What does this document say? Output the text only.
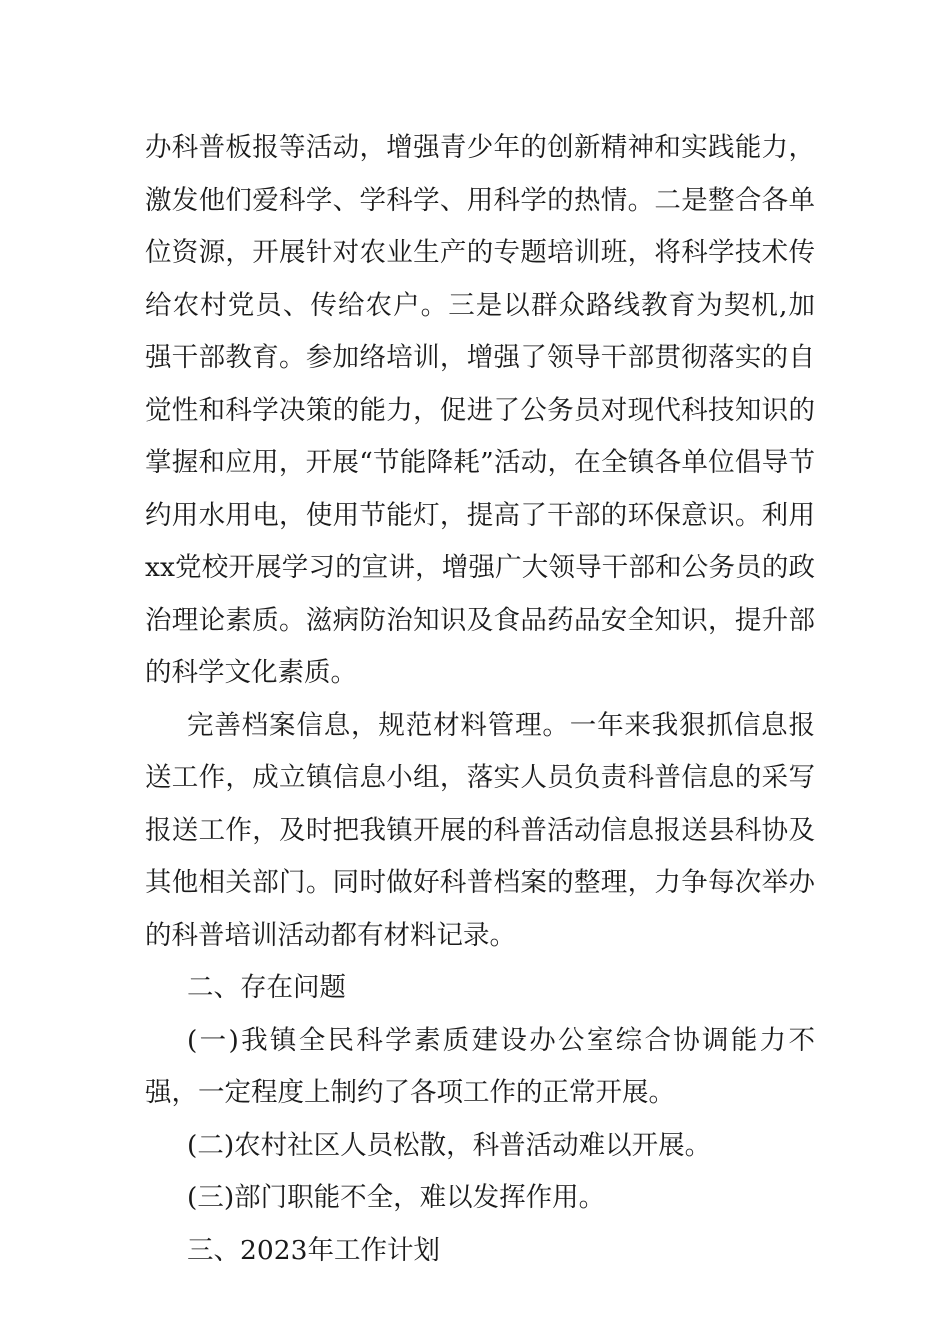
办科普板报等活动，增强青少年的创新精神和实践能力，激发他们爱科学、学科学、用科学的热情。二是整合各单位资源，开展针对农业生产的专题培训班，将科学技术传给农村党员、传给农户。三是以群众路线教育为契机,加强干部教育。参加络培训，增强了领导干部贯彻落实的自觉性和科学决策的能力，促进了公务员对现代科技知识的掌握和应用，开展“节能降耗”活动，在全镇各单位倡导节约用水用电，使用节能灯，提高了干部的环保意识。利用xx党校开展学习的宣讲，增强广大领导干部和公务员的政治理论素质。滋病防治知识及食品药品安全知识，提升部的科学文化素质。

完善档案信息，规范材料管理。一年来我狠抓信息报送工作，成立镇信息小组，落实人员负责科普信息的采写报送工作，及时把我镇开展的科普活动信息报送县科协及其他相关部门。同时做好科普档案的整理，力争每次举办的科普培训活动都有材料记录。

二、存在问题

(一)我镇全民科学素质建设办公室综合协调能力不强，一定程度上制约了各项工作的正常开展。

(二)农村社区人员松散，科普活动难以开展。

(三)部门职能不全，难以发挥作用。

三、2023年工作计划
